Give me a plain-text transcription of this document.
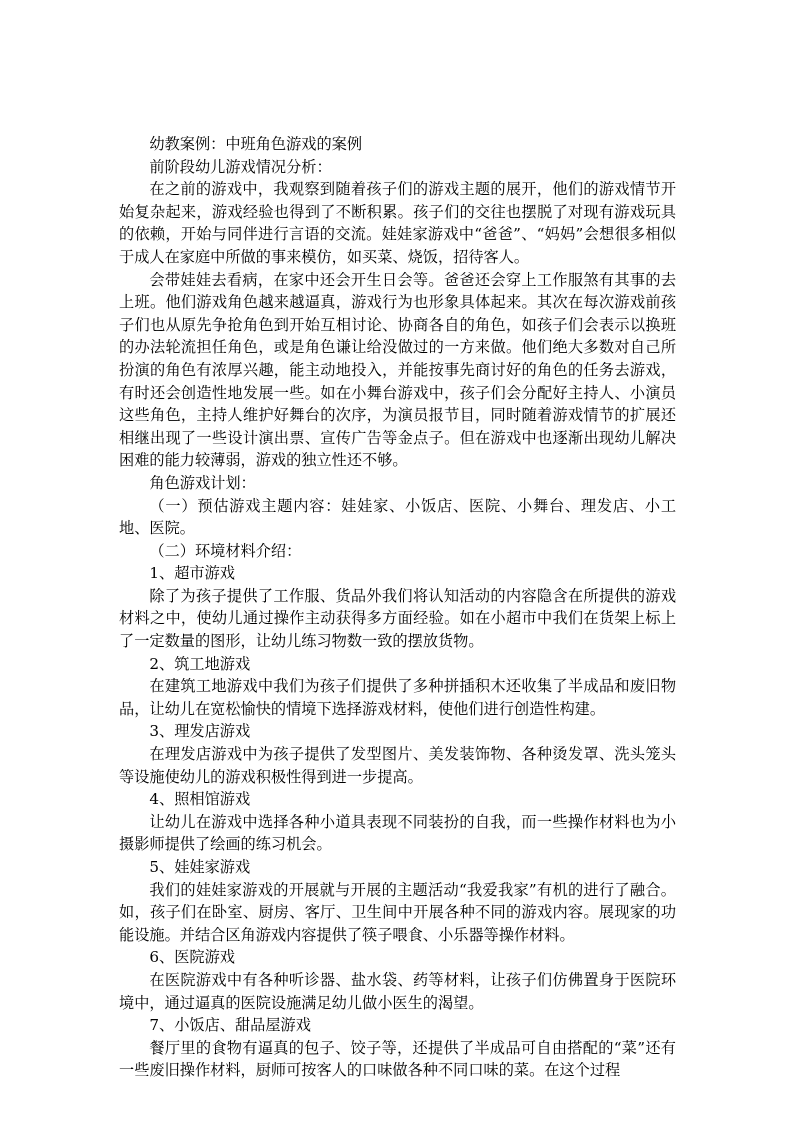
幼教案例：中班角色游戏的案例

前阶段幼儿游戏情况分析：

在之前的游戏中，我观察到随着孩子们的游戏主题的展开，他们的游戏情节开始复杂起来，游戏经验也得到了不断积累。孩子们的交往也摆脱了对现有游戏玩具的依赖，开始与同伴进行言语的交流。娃娃家游戏中“爸爸”、“妈妈”会想很多相似于成人在家庭中所做的事来模仿，如买菜、烧饭，招待客人。

会带娃娃去看病，在家中还会开生日会等。爸爸还会穿上工作服煞有其事的去上班。他们游戏角色越来越逼真，游戏行为也形象具体起来。其次在每次游戏前孩子们也从原先争抢角色到开始互相讨论、协商各自的角色，如孩子们会表示以换班的办法轮流担任角色，或是角色谦让给没做过的一方来做。他们绝大多数对自己所扮演的角色有浓厚兴趣，能主动地投入，并能按事先商讨好的角色的任务去游戏，有时还会创造性地发展一些。如在小舞台游戏中，孩子们会分配好主持人、小演员这些角色，主持人维护好舞台的次序，为演员报节目，同时随着游戏情节的扩展还相继出现了一些设计演出票、宣传广告等金点子。但在游戏中也逐渐出现幼儿解决困难的能力较薄弱，游戏的独立性还不够。

角色游戏计划：

（一）预估游戏主题内容：娃娃家、小饭店、医院、小舞台、理发店、小工地、医院。

（二）环境材料介绍：

1、超市游戏

除了为孩子提供了工作服、货品外我们将认知活动的内容隐含在所提供的游戏材料之中，使幼儿通过操作主动获得多方面经验。如在小超市中我们在货架上标上了一定数量的图形，让幼儿练习物数一致的摆放货物。

2、筑工地游戏

在建筑工地游戏中我们为孩子们提供了多种拼插积木还收集了半成品和废旧物品，让幼儿在宽松愉快的情境下选择游戏材料，使他们进行创造性构建。

3、理发店游戏

在理发店游戏中为孩子提供了发型图片、美发装饰物、各种烫发罩、洗头笼头等设施使幼儿的游戏积极性得到进一步提高。

4、照相馆游戏

让幼儿在游戏中选择各种小道具表现不同装扮的自我，而一些操作材料也为小摄影师提供了绘画的练习机会。

5、娃娃家游戏

我们的娃娃家游戏的开展就与开展的主题活动“我爱我家”有机的进行了融合。如，孩子们在卧室、厨房、客厅、卫生间中开展各种不同的游戏内容。展现家的功能设施。并结合区角游戏内容提供了筷子喂食、小乐器等操作材料。

6、医院游戏

在医院游戏中有各种听诊器、盐水袋、药等材料，让孩子们仿佛置身于医院环境中，通过逼真的医院设施满足幼儿做小医生的渴望。

7、小饭店、甜品屋游戏

餐厅里的食物有逼真的包子、饺子等，还提供了半成品可自由搭配的“菜”还有一些废旧操作材料，厨师可按客人的口味做各种不同口味的菜。在这个过程
